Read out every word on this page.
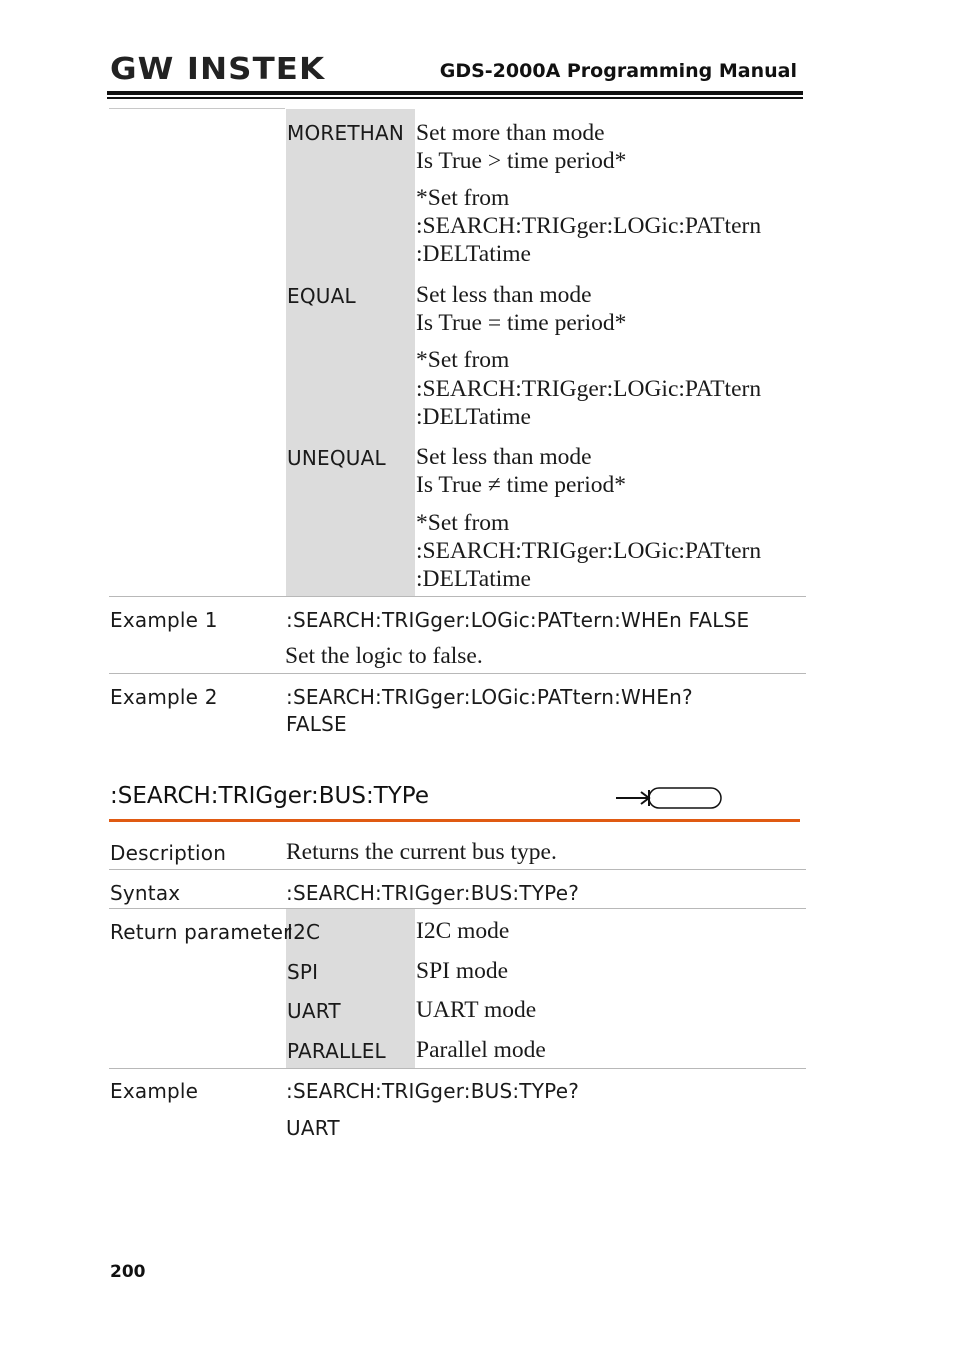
GW INSTEK	GDS-2000A Programming Manual
MORETHAN Set more than mode
Is True > time period*
*Set from
:SEARCH:TRIGger:LOGic:PATtern
:DELTatime
EQUAL	Set less than mode
Is True = time period*
*Set from
:SEARCH:TRIGger:LOGic:PATtern
:DELTatime
UNEQUAL Set less than mode
Is True ≠ time period*
*Set from
:SEARCH:TRIGger:LOGic:PATtern
:DELTatime
Example 1	:SEARCH:TRIGger:LOGic:PATtern:WHEn FALSE
Set the logic to false.
Example 2	:SEARCH:TRIGger:LOGic:PATtern:WHEn?
FALSE
:SEARCH:TRIGger:BUS:TYPe
Description	Returns the current bus type.
Syntax	:SEARCH:TRIGger:BUS:TYPe?
Return parameter
I2C	I2C mode
SPI	SPI mode
UART	UART mode
PARALLEL Parallel mode
Example	:SEARCH:TRIGger:BUS:TYPe?
UART
200
